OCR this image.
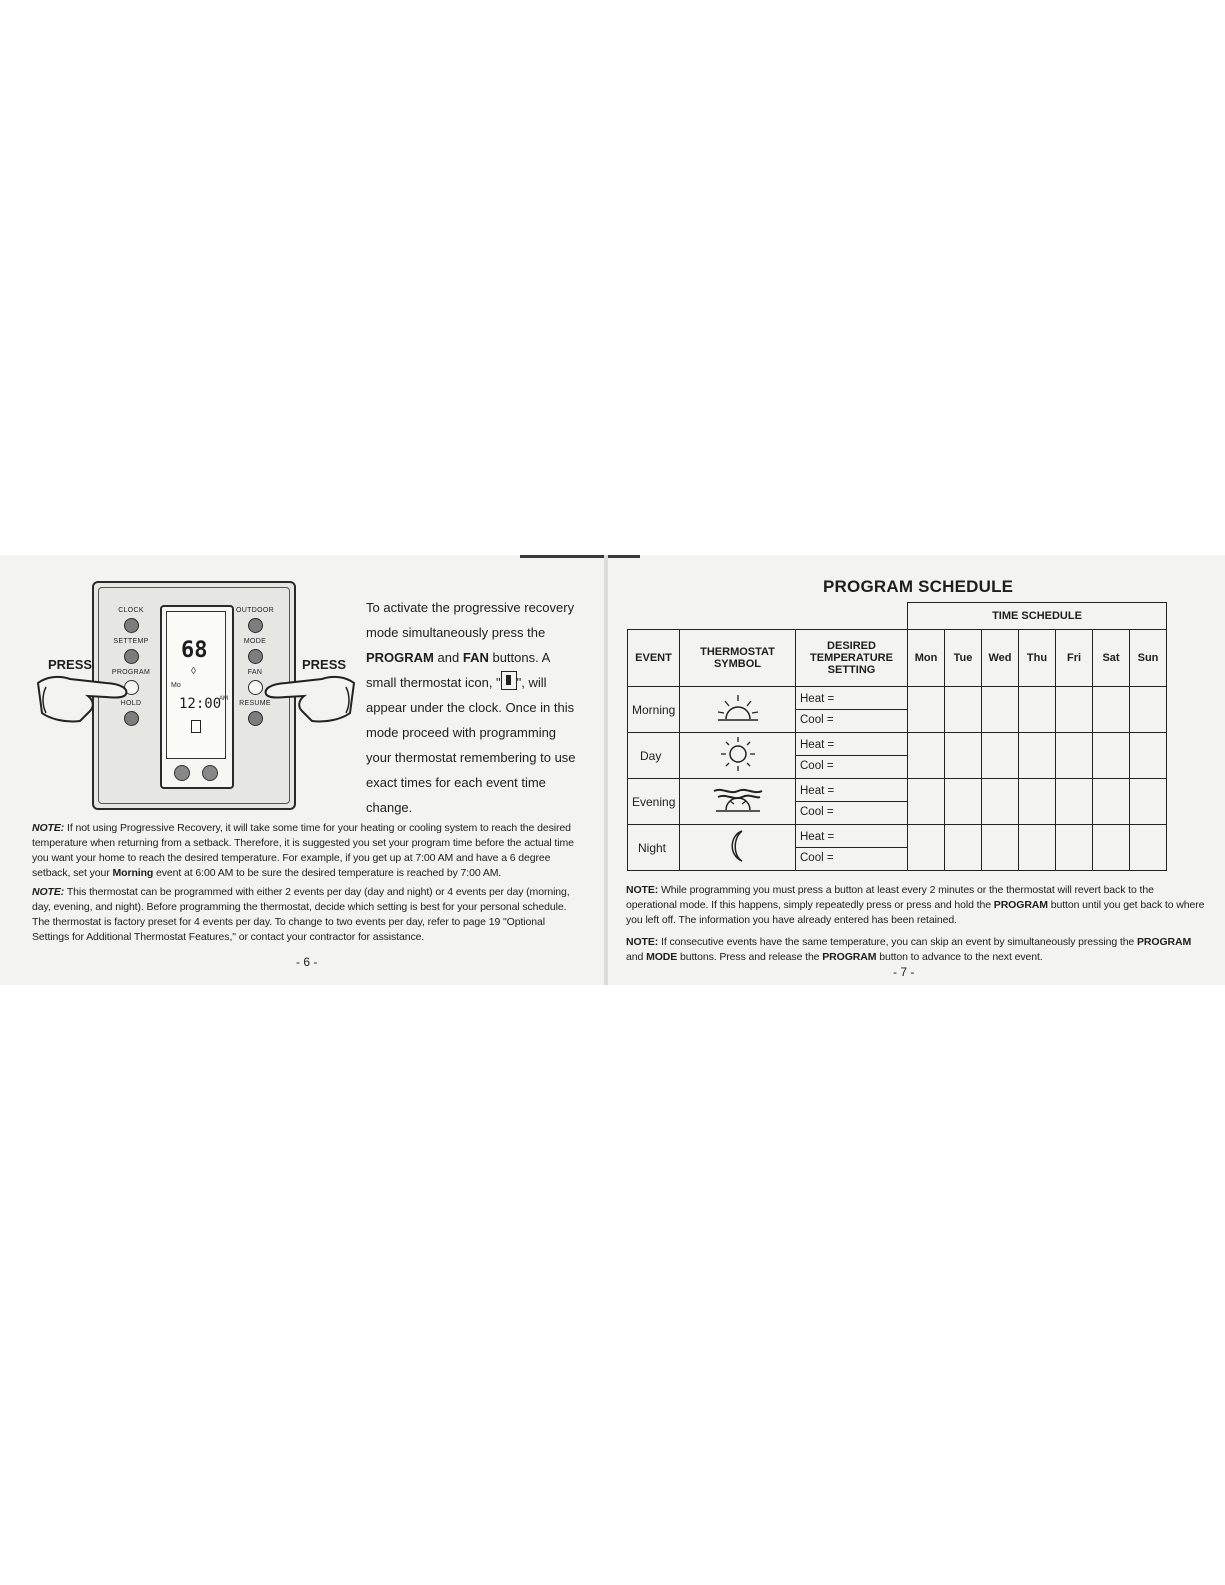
CLOCK
SETTEMP
PROGRAM
HOLD
OUTDOOR
MODE
FAN
RESUME
68
◊
Mo
12:00
AM
PRESS	PRESS
To activate the progressive recovery mode simultaneously press the PROGRAM and FAN buttons. A small thermostat icon, " ", will appear under the clock. Once in this mode proceed with programming your thermostat remembering to use exact times for each event time change.

NOTE: If not using Progressive Recovery, it will take some time for your heating or cooling system to reach the desired temperature when returning from a setback. Therefore, it is suggested you set your program time before the actual time you want your home to reach the desired temperature. For example, if you get up at 7:00 AM and have a 6 degree setback, set your Morning event at 6:00 AM to be sure the desired temperature is reached by 7:00 AM.

NOTE: This thermostat can be programmed with either 2 events per day (day and night) or 4 events per day (morning, day, evening, and night). Before programming the thermostat, decide which setting is best for your personal schedule. The thermostat is factory preset for 4 events per day. To change to two events per day, refer to page 19 "Optional Settings for Additional Thermostat Features," or contact your contractor for assistance.

- 6 -
PROGRAM SCHEDULE
			TIME SCHEDULE						
EVENT	THERMOSTAT SYMBOL	DESIRED TEMPERATURE SETTING	Mon	Tue	Wed	Thu	Fri	Sat	Sun
Morning		Heat =
Cool =							

Day		Heat =
Cool =							

Evening		Heat =
Cool =							

Night		Heat =
Cool =							

NOTE: While programming you must press a button at least every 2 minutes or the thermostat will revert back to the operational mode. If this happens, simply repeatedly press or press and hold the PROGRAM button until you get back to where you left off. The information you have already entered has been retained.

NOTE: If consecutive events have the same temperature, you can skip an event by simultaneously pressing the PROGRAM and MODE buttons. Press and release the PROGRAM button to advance to the next event.

- 7 -
